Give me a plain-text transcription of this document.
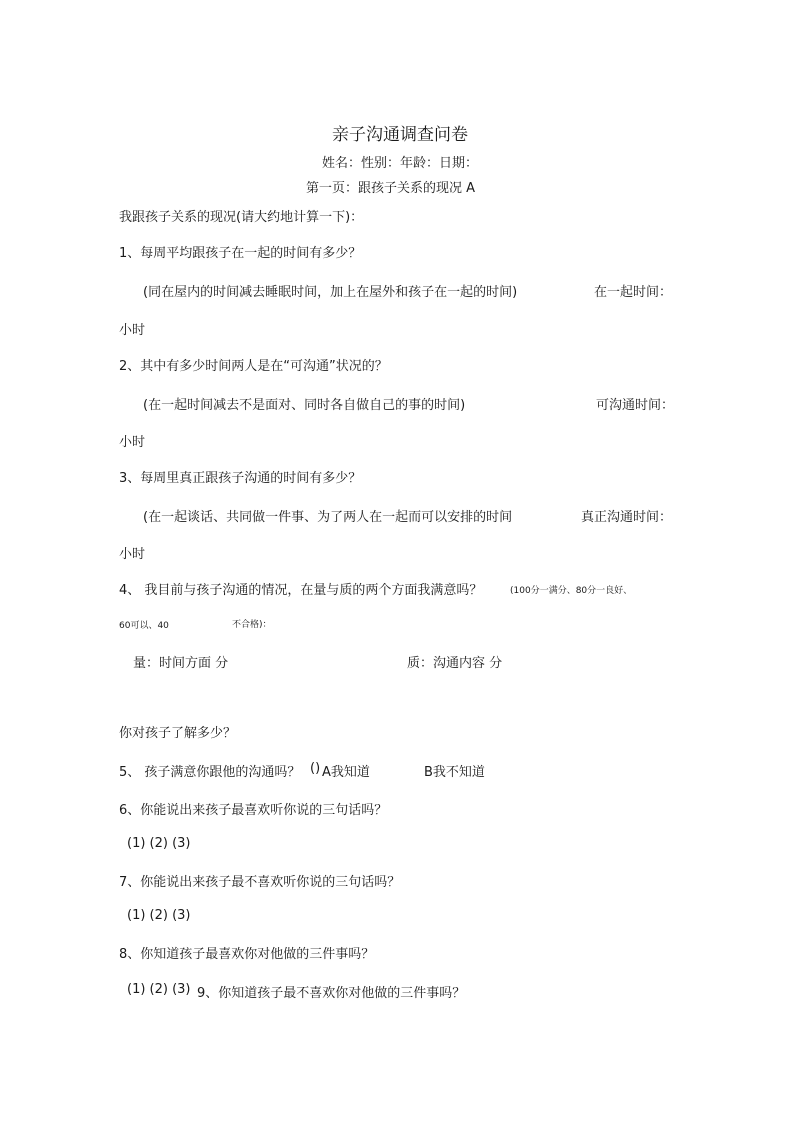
亲子沟通调查问卷
姓名：性别：年龄：日期：
第一页：跟孩子关系的现况 A
我跟孩子关系的现况(请大约地计算一下)：
1、每周平均跟孩子在一起的时间有多少？
(同在屋内的时间减去睡眠时间，加上在屋外和孩子在一起的时间)	在一起时间：
小时
2、其中有多少时间两人是在“可沟通”状况的？
(在一起时间减去不是面对、同时各自做自己的事的时间)	可沟通时间：
小时
3、每周里真正跟孩子沟通的时间有多少？
(在一起谈话、共同做一件事、为了两人在一起而可以安排的时间	真正沟通时间：
小时
4、 我目前与孩子沟通的情况，在量与质的两个方面我满意吗？	(100分一满分、80分一良好、
60可以、40	不合格)：
量：时间方面 分	质：沟通内容 分
你对孩子了解多少？
5、 孩子满意你跟他的沟通吗？ () A我知道	B我不知道
6、你能说出来孩子最喜欢听你说的三句话吗？
(1) (2) (3)
7、你能说出来孩子最不喜欢听你说的三句话吗？
(1) (2) (3)
8、你知道孩子最喜欢你对他做的三件事吗？
(1) (2) (3) 9、你知道孩子最不喜欢你对他做的三件事吗？
